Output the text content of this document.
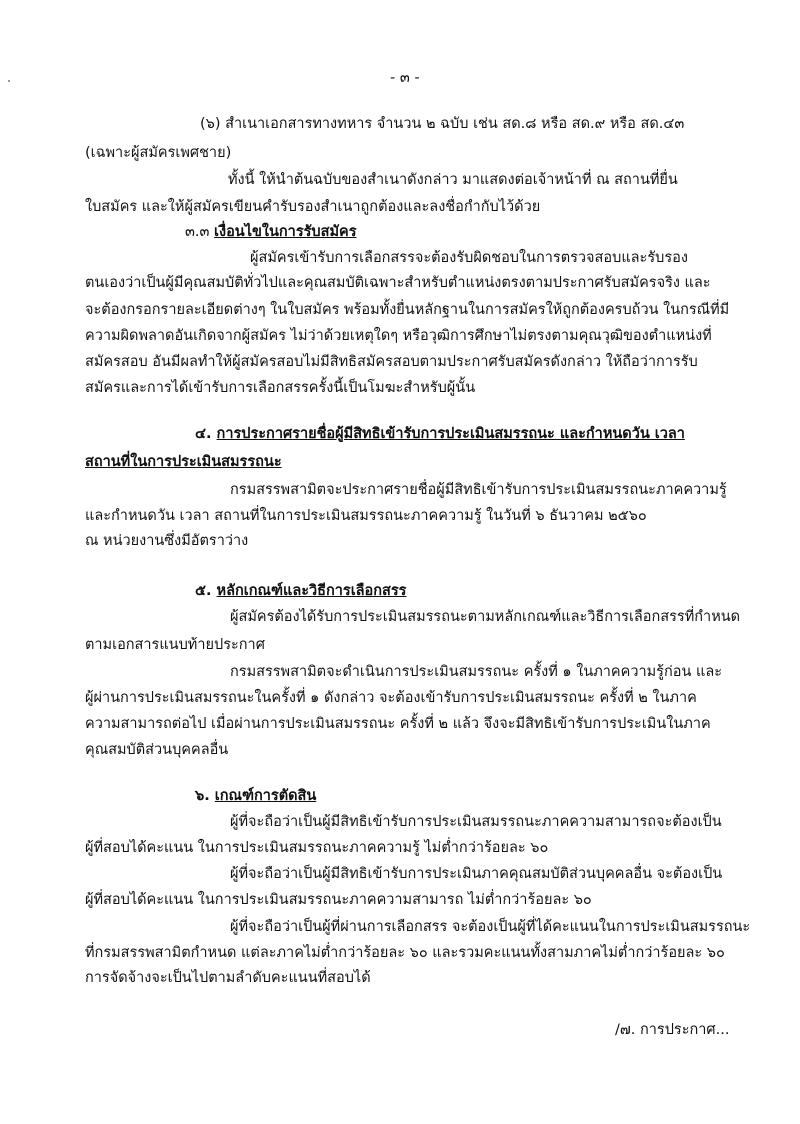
- ๓ -
(๖) สำเนาเอกสารทางทหาร จำนวน ๒ ฉบับ เช่น สด.๘ หรือ สด.๙ หรือ สด.๔๓
(เฉพาะผู้สมัครเพศชาย)
ทั้งนี้ ให้นำต้นฉบับของสำเนาดังกล่าว มาแสดงต่อเจ้าหน้าที่ ณ สถานที่ยื่น
ใบสมัคร และให้ผู้สมัครเขียนคำรับรองสำเนาถูกต้องและลงชื่อกำกับไว้ด้วย
๓.๓ เงื่อนไขในการรับสมัคร
ผู้สมัครเข้ารับการเลือกสรรจะต้องรับผิดชอบในการตรวจสอบและรับรอง
ตนเองว่าเป็นผู้มีคุณสมบัติทั่วไปและคุณสมบัติเฉพาะสำหรับตำแหน่งตรงตามประกาศรับสมัครจริง และ
จะต้องกรอกรายละเอียดต่างๆ ในใบสมัคร พร้อมทั้งยื่นหลักฐานในการสมัครให้ถูกต้องครบถ้วน ในกรณีที่มี
ความผิดพลาดอันเกิดจากผู้สมัคร ไม่ว่าด้วยเหตุใดๆ หรือวุฒิการศึกษาไม่ตรงตามคุณวุฒิของตำแหน่งที่
สมัครสอบ อันมีผลทำให้ผู้สมัครสอบไม่มีสิทธิสมัครสอบตามประกาศรับสมัครดังกล่าว ให้ถือว่าการรับ
สมัครและการได้เข้ารับการเลือกสรรครั้งนี้เป็นโมฆะสำหรับผู้นั้น
๔. การประกาศรายชื่อผู้มีสิทธิเข้ารับการประเมินสมรรถนะ และกำหนดวัน เวลา
สถานที่ในการประเมินสมรรถนะ
กรมสรรพสามิตจะประกาศรายชื่อผู้มีสิทธิเข้ารับการประเมินสมรรถนะภาคความรู้
และกำหนดวัน เวลา สถานที่ในการประเมินสมรรถนะภาคความรู้ ในวันที่ ๖ ธันวาคม ๒๕๖๐
ณ หน่วยงานซึ่งมีอัตราว่าง
๕. หลักเกณฑ์และวิธีการเลือกสรร
ผู้สมัครต้องได้รับการประเมินสมรรถนะตามหลักเกณฑ์และวิธีการเลือกสรรที่กำหนด
ตามเอกสารแนบท้ายประกาศ
กรมสรรพสามิตจะดำเนินการประเมินสมรรถนะ ครั้งที่ ๑ ในภาคความรู้ก่อน และ
ผู้ผ่านการประเมินสมรรถนะในครั้งที่ ๑ ดังกล่าว จะต้องเข้ารับการประเมินสมรรถนะ ครั้งที่ ๒ ในภาค
ความสามารถต่อไป เมื่อผ่านการประเมินสมรรถนะ ครั้งที่ ๒ แล้ว จึงจะมีสิทธิเข้ารับการประเมินในภาค
คุณสมบัติส่วนบุคคลอื่น
๖. เกณฑ์การตัดสิน
ผู้ที่จะถือว่าเป็นผู้มีสิทธิเข้ารับการประเมินสมรรถนะภาคความสามารถจะต้องเป็น
ผู้ที่สอบได้คะแนน ในการประเมินสมรรถนะภาคความรู้ ไม่ต่ำกว่าร้อยละ ๖๐
ผู้ที่จะถือว่าเป็นผู้มีสิทธิเข้ารับการประเมินภาคคุณสมบัติส่วนบุคคลอื่น จะต้องเป็น
ผู้ที่สอบได้คะแนน ในการประเมินสมรรถนะภาคความสามารถ ไม่ต่ำกว่าร้อยละ ๖๐
ผู้ที่จะถือว่าเป็นผู้ที่ผ่านการเลือกสรร จะต้องเป็นผู้ที่ได้คะแนนในการประเมินสมรรถนะ
ที่กรมสรรพสามิตกำหนด แต่ละภาคไม่ต่ำกว่าร้อยละ ๖๐ และรวมคะแนนทั้งสามภาคไม่ต่ำกว่าร้อยละ ๖๐
การจัดจ้างจะเป็นไปตามลำดับคะแนนที่สอบได้
/๗. การประกาศ...
